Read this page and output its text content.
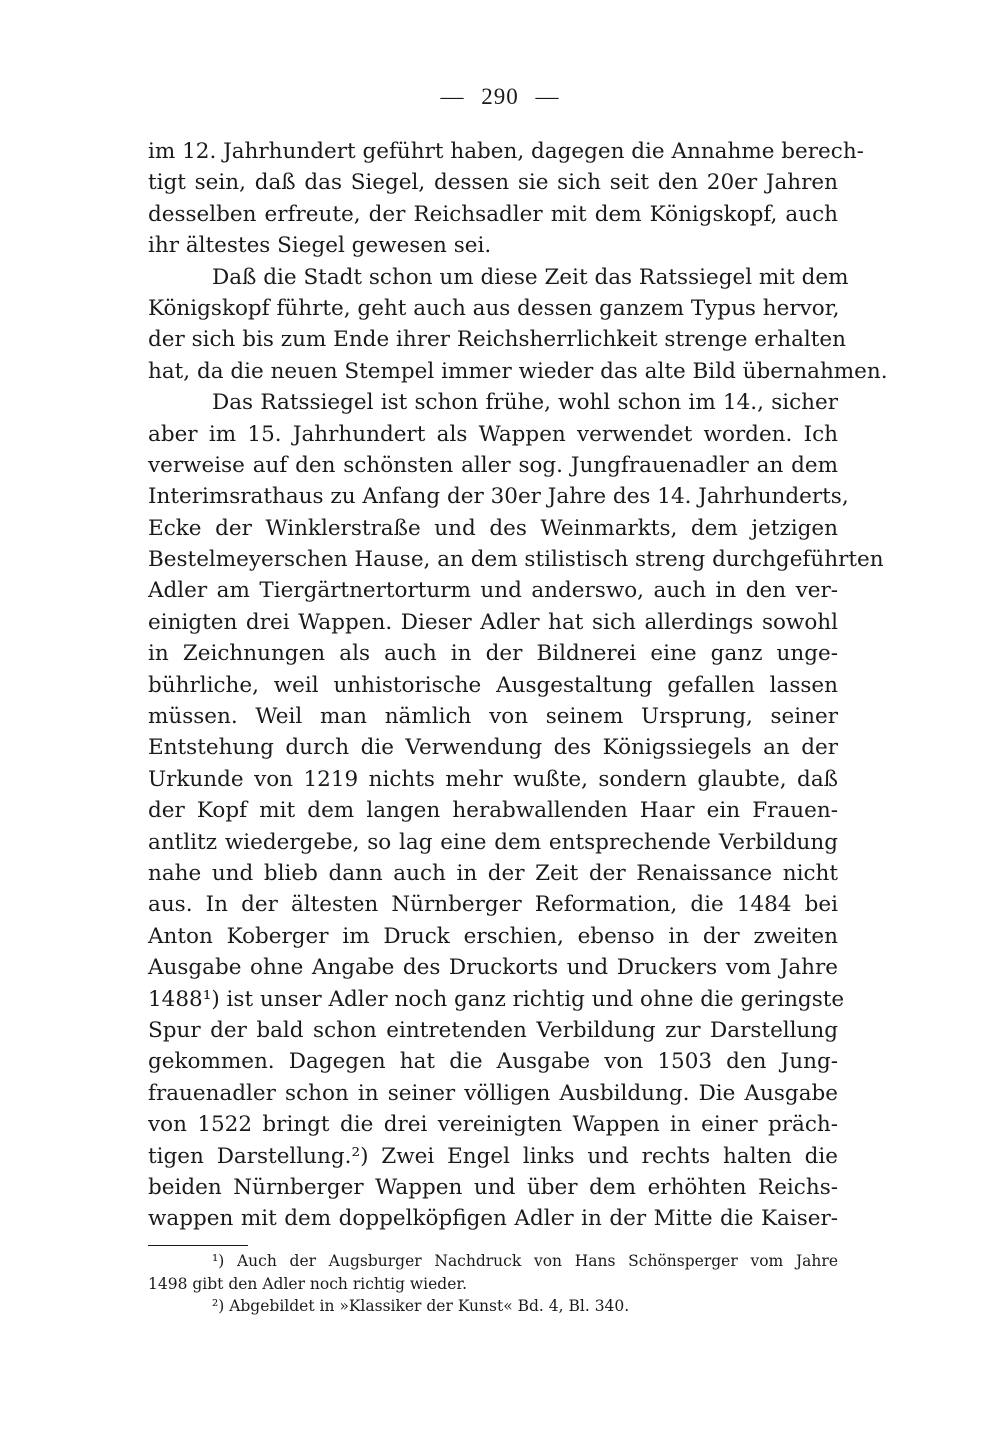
— 290 —
im 12. Jahrhundert geführt haben, dagegen die Annahme berech-
tigt sein, daß das Siegel, dessen sie sich seit den 20er Jahren
desselben erfreute, der Reichsadler mit dem Königskopf, auch
ihr ältestes Siegel gewesen sei.
Daß die Stadt schon um diese Zeit das Ratssiegel mit dem
Königskopf führte, geht auch aus dessen ganzem Typus hervor,
der sich bis zum Ende ihrer Reichsherrlichkeit strenge erhalten
hat, da die neuen Stempel immer wieder das alte Bild übernahmen.
Das Ratssiegel ist schon frühe, wohl schon im 14., sicher
aber im 15. Jahrhundert als Wappen verwendet worden. Ich
verweise auf den schönsten aller sog. Jungfrauenadler an dem
Interimsrathaus zu Anfang der 30er Jahre des 14. Jahrhunderts,
Ecke der Winklerstraße und des Weinmarkts, dem jetzigen
Bestelmeyerschen Hause, an dem stilistisch streng durchgeführten
Adler am Tiergärtnertorturm und anderswo, auch in den ver-
einigten drei Wappen. Dieser Adler hat sich allerdings sowohl
in Zeichnungen als auch in der Bildnerei eine ganz unge-
bührliche, weil unhistorische Ausgestaltung gefallen lassen
müssen. Weil man nämlich von seinem Ursprung, seiner
Entstehung durch die Verwendung des Königssiegels an der
Urkunde von 1219 nichts mehr wußte, sondern glaubte, daß
der Kopf mit dem langen herabwallenden Haar ein Frauen-
antlitz wiedergebe, so lag eine dem entsprechende Verbildung
nahe und blieb dann auch in der Zeit der Renaissance nicht
aus. In der ältesten Nürnberger Reformation, die 1484 bei
Anton Koberger im Druck erschien, ebenso in der zweiten
Ausgabe ohne Angabe des Druckorts und Druckers vom Jahre
1488¹) ist unser Adler noch ganz richtig und ohne die geringste
Spur der bald schon eintretenden Verbildung zur Darstellung
gekommen. Dagegen hat die Ausgabe von 1503 den Jung-
frauenadler schon in seiner völligen Ausbildung. Die Ausgabe
von 1522 bringt die drei vereinigten Wappen in einer präch-
tigen Darstellung.²) Zwei Engel links und rechts halten die
beiden Nürnberger Wappen und über dem erhöhten Reichs-
wappen mit dem doppelköpfigen Adler in der Mitte die Kaiser-
¹) Auch der Augsburger Nachdruck von Hans Schönsperger vom Jahre
1498 gibt den Adler noch richtig wieder.
²) Abgebildet in »Klassiker der Kunst« Bd. 4, Bl. 340.
